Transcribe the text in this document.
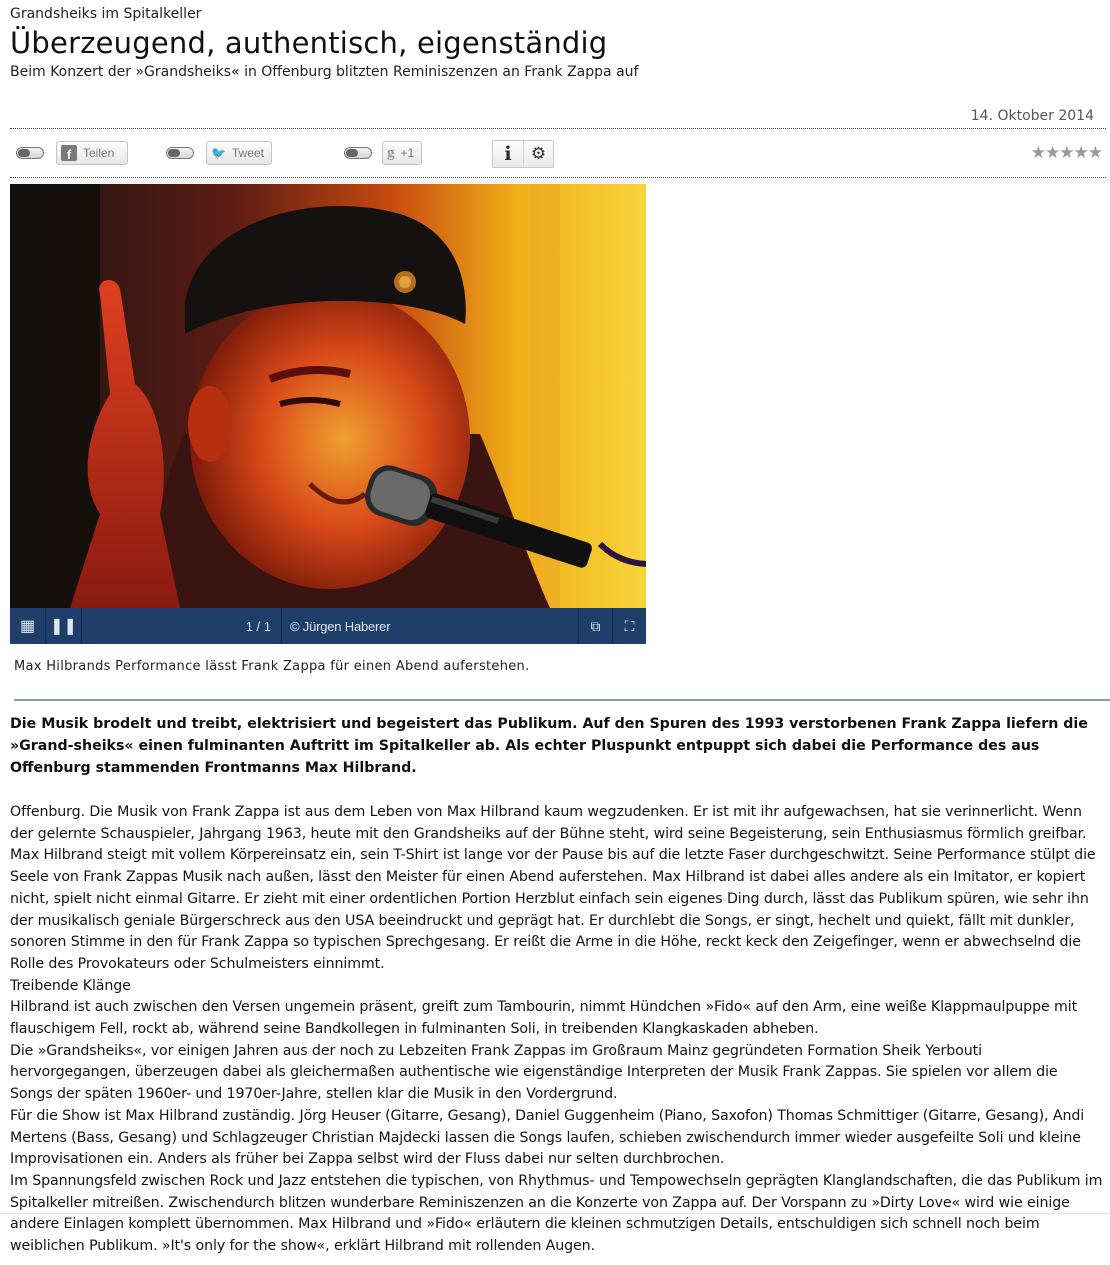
Grandsheiks im Spitalkeller
Überzeugend, authentisch, eigenständig
Beim Konzert der »Grandsheiks« in Offenburg blitzten Reminiszenzen an Frank Zappa auf
14. Oktober 2014
f Teilen	🐦 Tweet	g +1	i ⚙	★★★★★
▦ ❚❚	1 / 1	© Jürgen Haberer	⧉ ⛶
Max Hilbrands Performance lässt Frank Zappa für einen Abend auferstehen.
Die Musik brodelt und treibt, elektrisiert und begeistert das Publikum. Auf den Spuren des 1993 verstorbenen Frank Zappa liefern die »Grand-sheiks« einen fulminanten Auftritt im Spitalkeller ab. Als echter Pluspunkt entpuppt sich dabei die Performance des aus Offenburg stammenden Frontmanns Max Hilbrand.

Offenburg. Die Musik von Frank Zappa ist aus dem Leben von Max Hilbrand kaum wegzudenken. Er ist mit ihr aufgewachsen, hat sie verinnerlicht. Wenn der gelernte Schauspieler, Jahrgang 1963, heute mit den Grandsheiks auf der Bühne steht, wird seine Begeisterung, sein Enthusiasmus förmlich greifbar.

Max Hilbrand steigt mit vollem Körpereinsatz ein, sein T-Shirt ist lange vor der Pause bis auf die letzte Faser durchgeschwitzt. Seine Performance stülpt die Seele von Frank Zappas Musik nach außen, lässt den Meister für einen Abend auferstehen. Max Hilbrand ist dabei alles andere als ein Imitator, er kopiert nicht, spielt nicht einmal Gitarre. Er zieht mit einer ordentlichen Portion Herzblut einfach sein eigenes Ding durch, lässt das Publikum spüren, wie sehr ihn der musikalisch geniale Bürgerschreck aus den USA beeindruckt und geprägt hat. Er durchlebt die Songs, er singt, hechelt und quiekt, fällt mit dunkler, sonoren Stimme in den für Frank Zappa so typischen Sprechgesang. Er reißt die Arme in die Höhe, reckt keck den Zeigefinger, wenn er abwechselnd die Rolle des Provokateurs oder Schulmeisters einnimmt.

Treibende Klänge

Hilbrand ist auch zwischen den Versen ungemein präsent, greift zum Tambourin, nimmt Hündchen »Fido« auf den Arm, eine weiße Klappmaulpuppe mit flauschigem Fell, rockt ab, während seine Bandkollegen in fulminanten Soli, in treibenden Klangkaskaden abheben.

Die »Grandsheiks«, vor einigen Jahren aus der noch zu Lebzeiten Frank Zappas im Großraum Mainz gegründeten Formation Sheik Yerbouti hervorgegangen, überzeugen dabei als gleichermaßen authentische wie eigenständige Interpreten der Musik Frank Zappas. Sie spielen vor allem die Songs der späten 1960er- und 1970er-Jahre, stellen klar die Musik in den Vordergrund.

Für die Show ist Max Hilbrand zuständig. Jörg Heuser (Gitarre, Gesang), Daniel Guggenheim (Piano, Saxofon) Thomas Schmittiger (Gitarre, Gesang), Andi Mertens (Bass, Gesang) und Schlagzeuger Christian Majdecki lassen die Songs laufen, schieben zwischendurch immer wieder ausgefeilte Soli und kleine Improvisationen ein. Anders als früher bei Zappa selbst wird der Fluss dabei nur selten durchbrochen.

Im Spannungsfeld zwischen Rock und Jazz entstehen die typischen, von Rhythmus- und Tempowechseln geprägten Klanglandschaften, die das Publikum im Spitalkeller mitreißen. Zwischendurch blitzen wunderbare Reminiszenzen an die Konzerte von Zappa auf. Der Vorspann zu »Dirty Love« wird wie einige andere Einlagen komplett übernommen. Max Hilbrand und »Fido« erläutern die kleinen schmutzigen Details, entschuldigen sich schnell noch beim weiblichen Publikum. »It's only for the show«, erklärt Hilbrand mit rollenden Augen.
